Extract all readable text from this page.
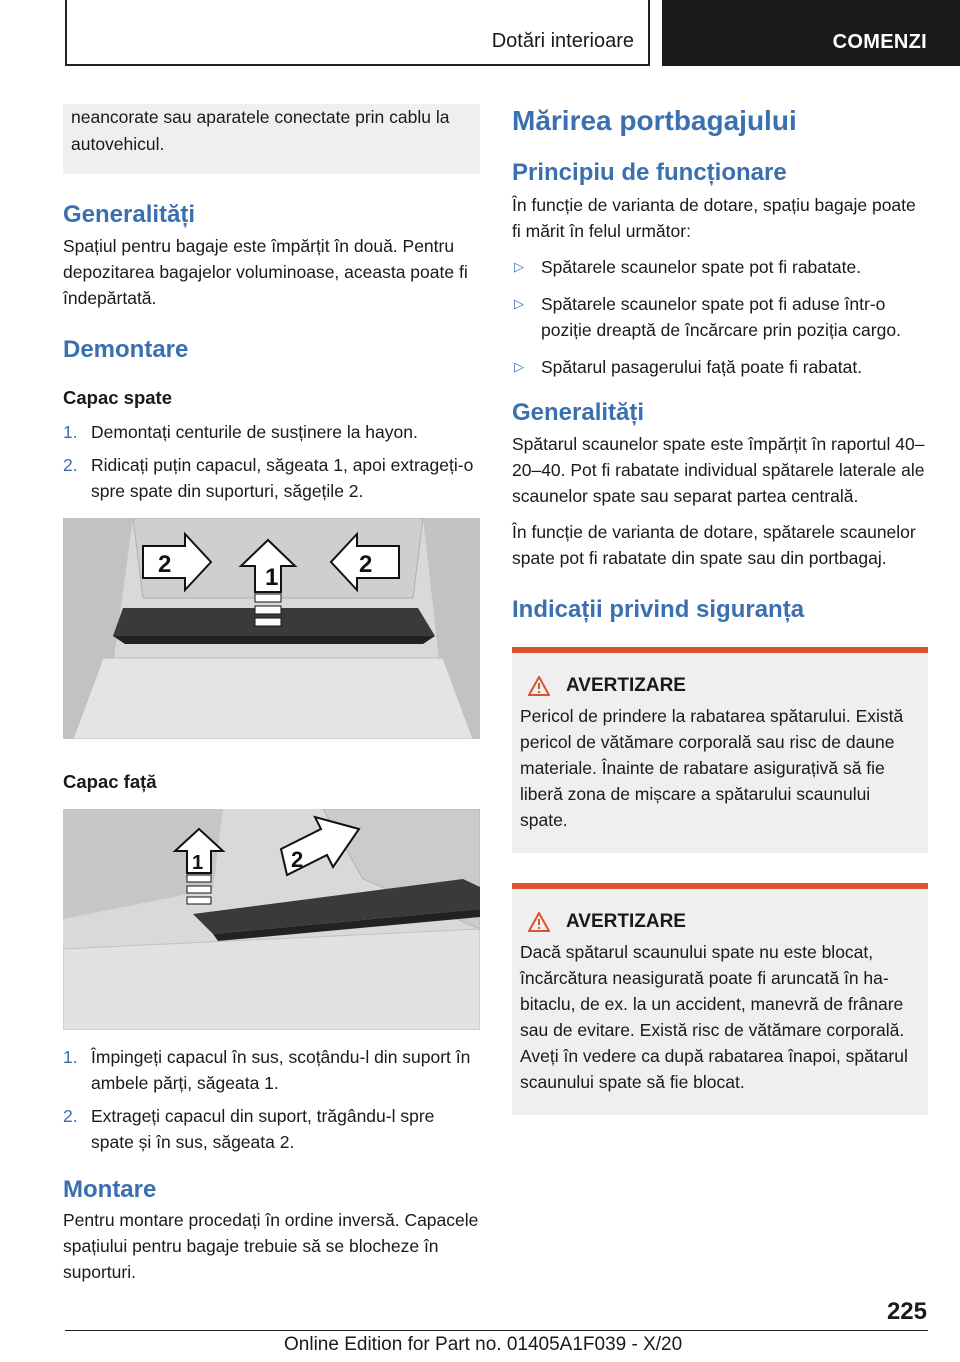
Dotări interioare	COMENZI

neancorate sau aparatele conectate prin cablu la autovehicul.

Generalități

Spațiul pentru bagaje este împărțit în două. Pentru depozitarea bagajelor voluminoase, aceasta poate fi îndepărtată.

Demontare
Capac spate
1. Demontați centurile de susținere la hayon.
2. Ridicați puțin capacul, săgeata 1, apoi extrageți-o spre spate din suporturi, săgețile 2.
1
2	2
Capac față
1	2
1. Împingeți capacul în sus, scoțându-l din suport în ambele părți, săgeata 1.
2. Extrageți capacul din suport, trăgându-l spre spate și în sus, săgeata 2.
Montare

Pentru montare procedați în ordine inversă. Capacele spațiului pentru bagaje trebuie să se blocheze în suporturi.

Mărirea portbagajului
Principiu de funcționare

În funcție de varianta de dotare, spațiu bagaje poate fi mărit în felul următor:

▷ Spătarele scaunelor spate pot fi rabatate.
▷ Spătarele scaunelor spate pot fi aduse într-o poziție dreaptă de încărcare prin poziția cargo.
▷ Spătarul pasagerului față poate fi rabatat.
Generalități

Spătarul scaunelor spate este împărțit în raportul 40–20–40. Pot fi rabatate individual spătarele laterale ale scaunelor spate sau separat partea centrală.

În funcție de varianta de dotare, spătarele scaunelor spate pot fi rabatate din spate sau din portbagaj.

Indicații privind siguranța
AVERTIZARE

Pericol de prindere la rabatarea spătarului. Există pericol de vătămare corporală sau risc de daune materiale. Înainte de rabatare asigurațivă să fie liberă zona de mișcare a spătarului scaunului spate.

AVERTIZARE

Dacă spătarul scaunului spate nu este blocat, încărcătura neasigurată poate fi aruncată în habitaclu, de ex. la un accident, manevră de frânare sau de evitare. Există risc de vătămare corporală. Aveți în vedere ca după rabatarea înapoi, spătarul scaunului spate să fie blocat.

225
Online Edition for Part no. 01405A1F039 - X/20
